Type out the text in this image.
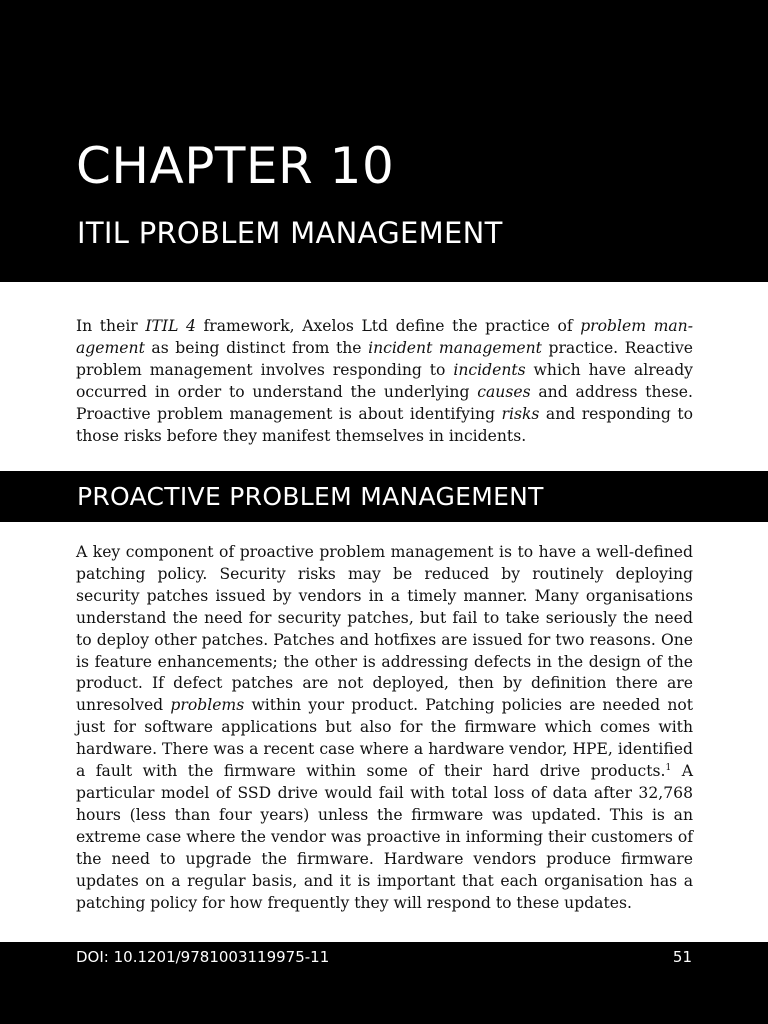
CHAPTER 10
ITIL PROBLEM MANAGEMENT

In their ITIL 4 framework, Axelos Ltd define the practice of problem management as being distinct from the incident management practice. Reactive problem management involves responding to incidents which have already occurred in order to understand the underlying causes and address these. Proactive problem management is about identifying risks and responding to those risks before they manifest themselves in incidents.

PROACTIVE PROBLEM MANAGEMENT

A key component of proactive problem management is to have a well-defined patching policy. Security risks may be reduced by routinely deploying security patches issued by vendors in a timely manner. Many organisations understand the need for security patches, but fail to take seriously the need to deploy other patches. Patches and hotfixes are issued for two reasons. One is feature enhancements; the other is addressing defects in the design of the product. If defect patches are not deployed, then by definition there are unresolved problems within your product. Patching policies are needed not just for software applications but also for the firmware which comes with hardware. There was a recent case where a hardware vendor, HPE, identified a fault with the firmware within some of their hard drive products.$^1$ A particular model of SSD drive would fail with total loss of data after 32,768 hours (less than four years) unless the firmware was updated. This is an extreme case where the vendor was proactive in informing their customers of the need to upgrade the firmware. Hardware vendors produce firmware updates on a regular basis, and it is important that each organisation has a patching policy for how frequently they will respond to these updates.

DOI: 10.1201/9781003119975-11	51
